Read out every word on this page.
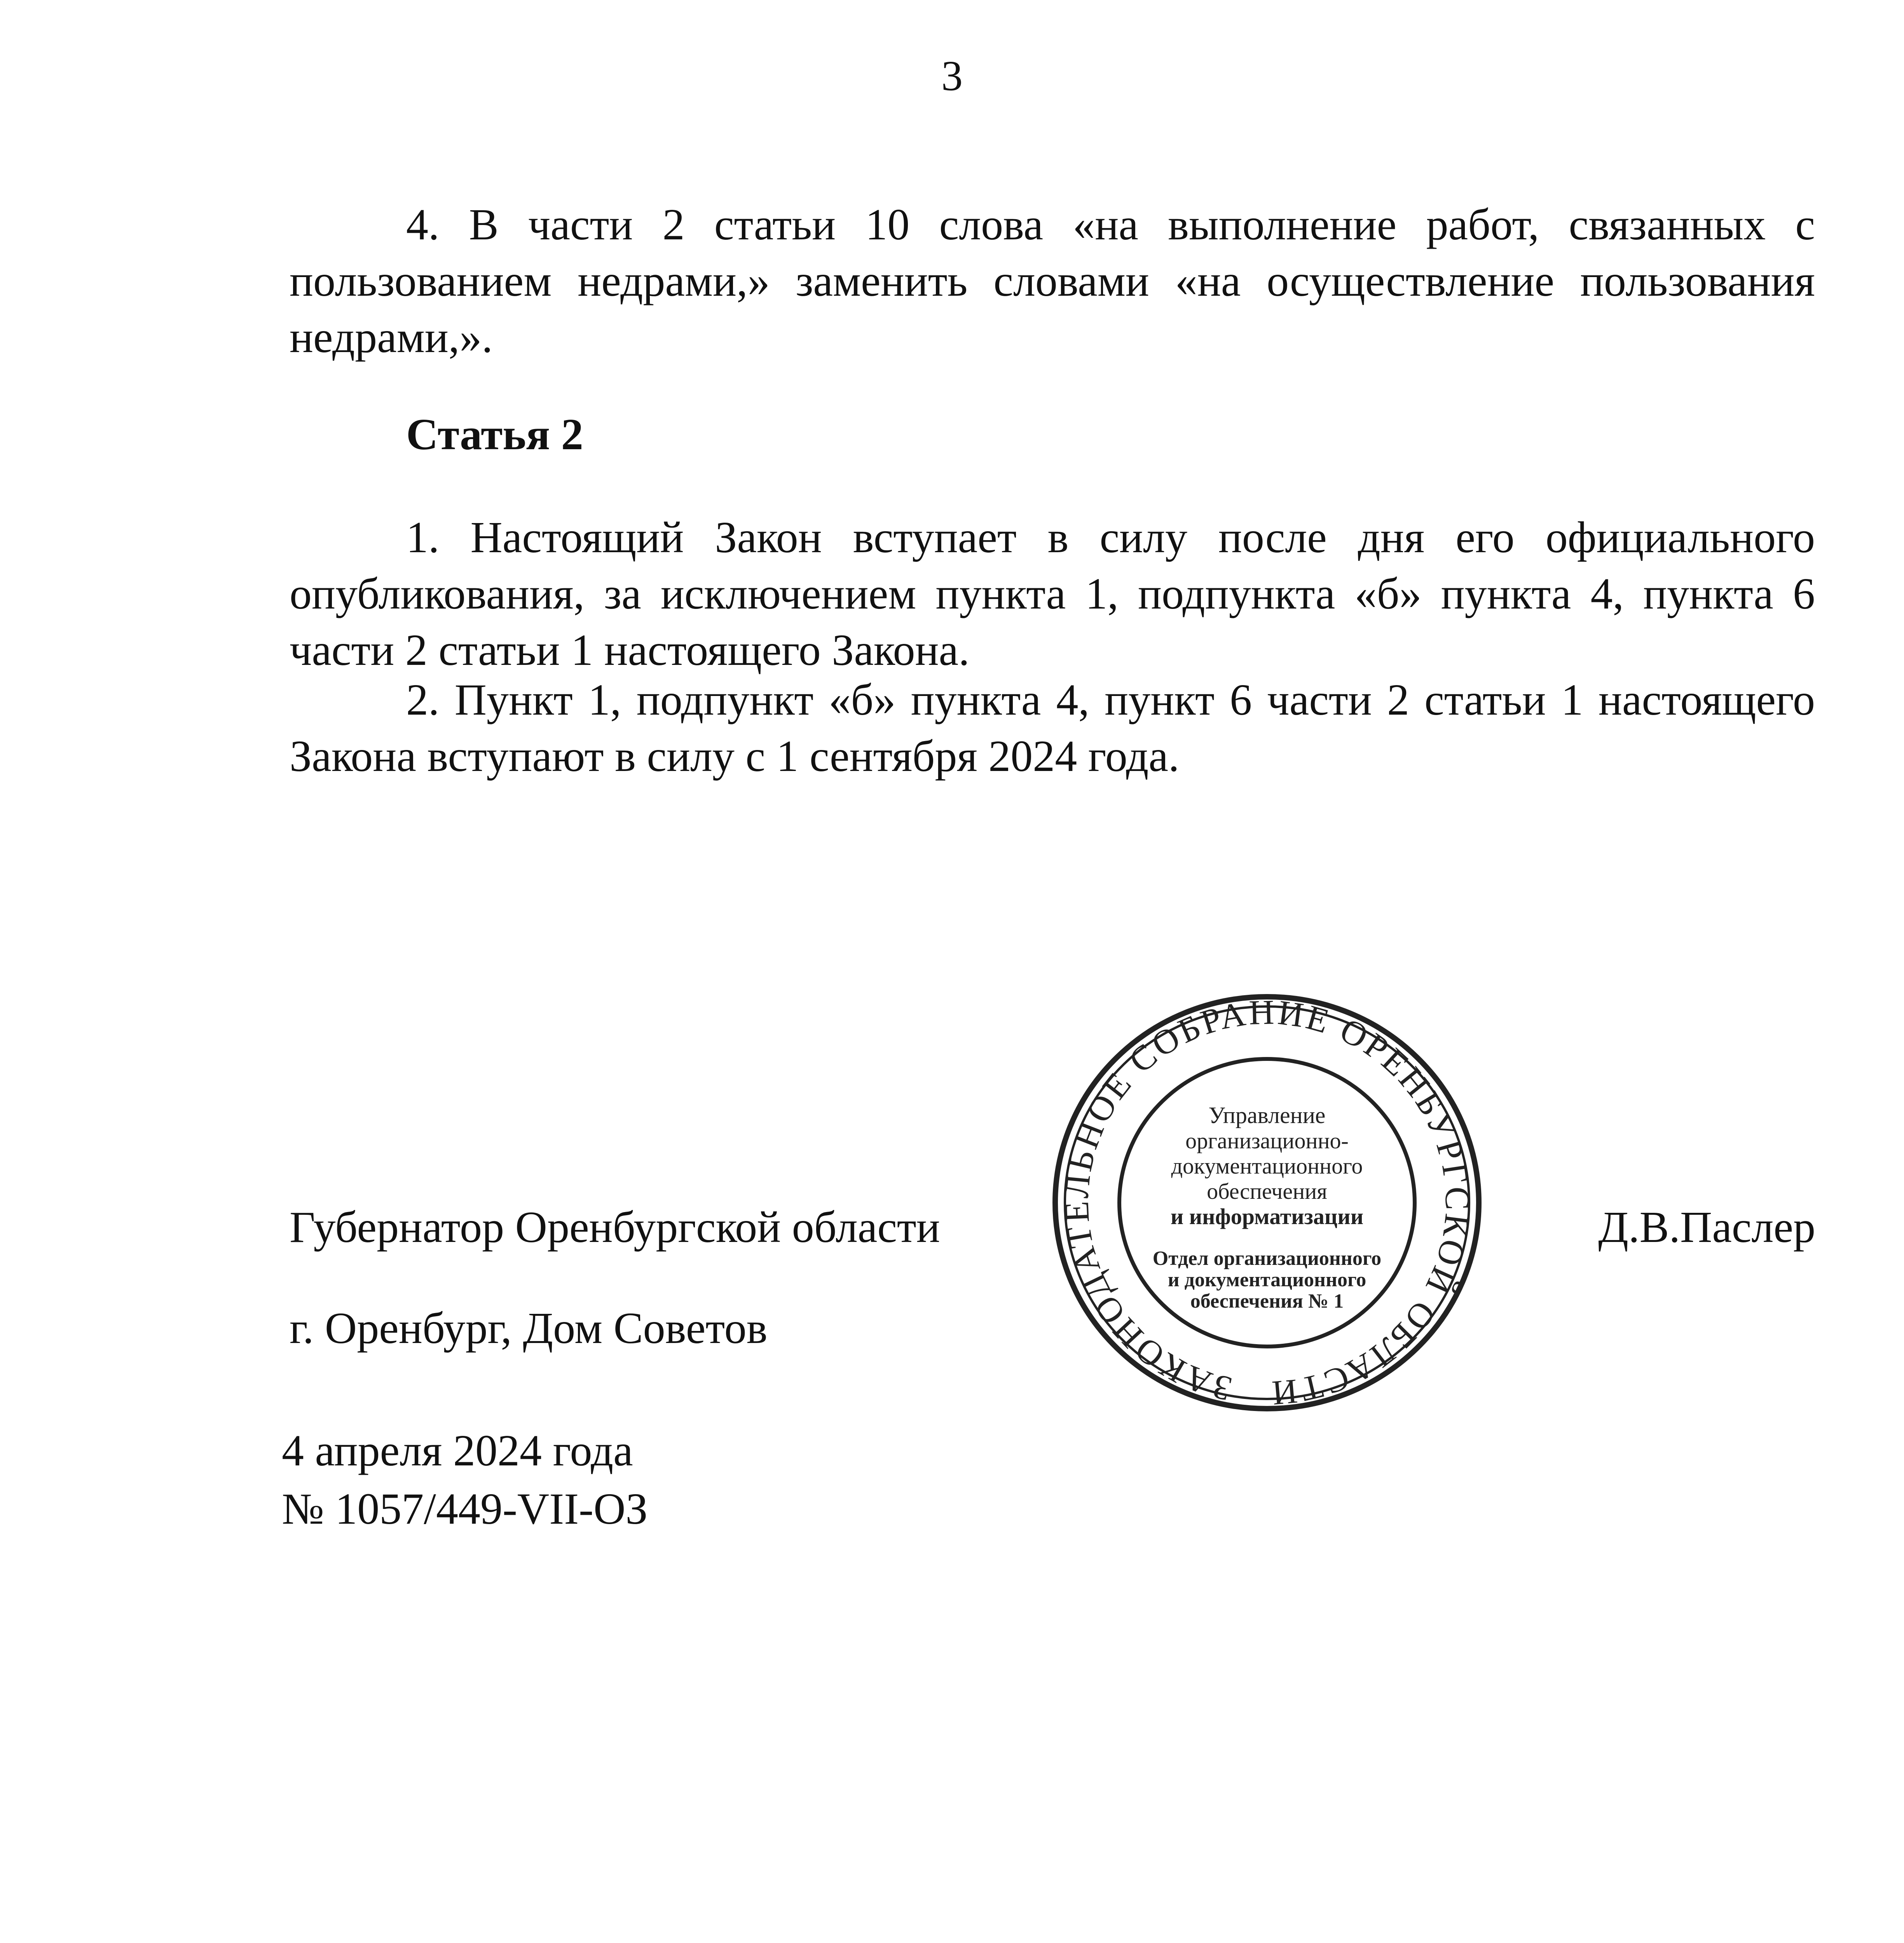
3

4. В части 2 статьи 10 слова «на выполнение работ, связанных с пользованием недрами,» заменить словами «на осуществление пользования недрами,».

Статья 2

1. Настоящий Закон вступает в силу после дня его официального опубликования, за исключением пункта 1, подпункта «б» пункта 4, пункта 6 части 2 статьи 1 настоящего Закона.

2. Пункт 1, подпункт «б» пункта 4, пункт 6 части 2 статьи 1 настоящего Закона вступают в силу с 1 сентября 2024 года.

Губернатор Оренбургской области	Д.В.Паслер
г. Оренбург, Дом Советов
4 апреля 2024 года
№ 1057/449-VII-ОЗ
ЗАКОНОДАТЕЛЬНОЕ СОБРАНИЕ ОРЕНБУРГСКОЙ ОБЛАСТИ
Управление
организационно-
документационного
обеспечения
и информатизации
Отдел организационного
и документационного
обеспечения № 1
